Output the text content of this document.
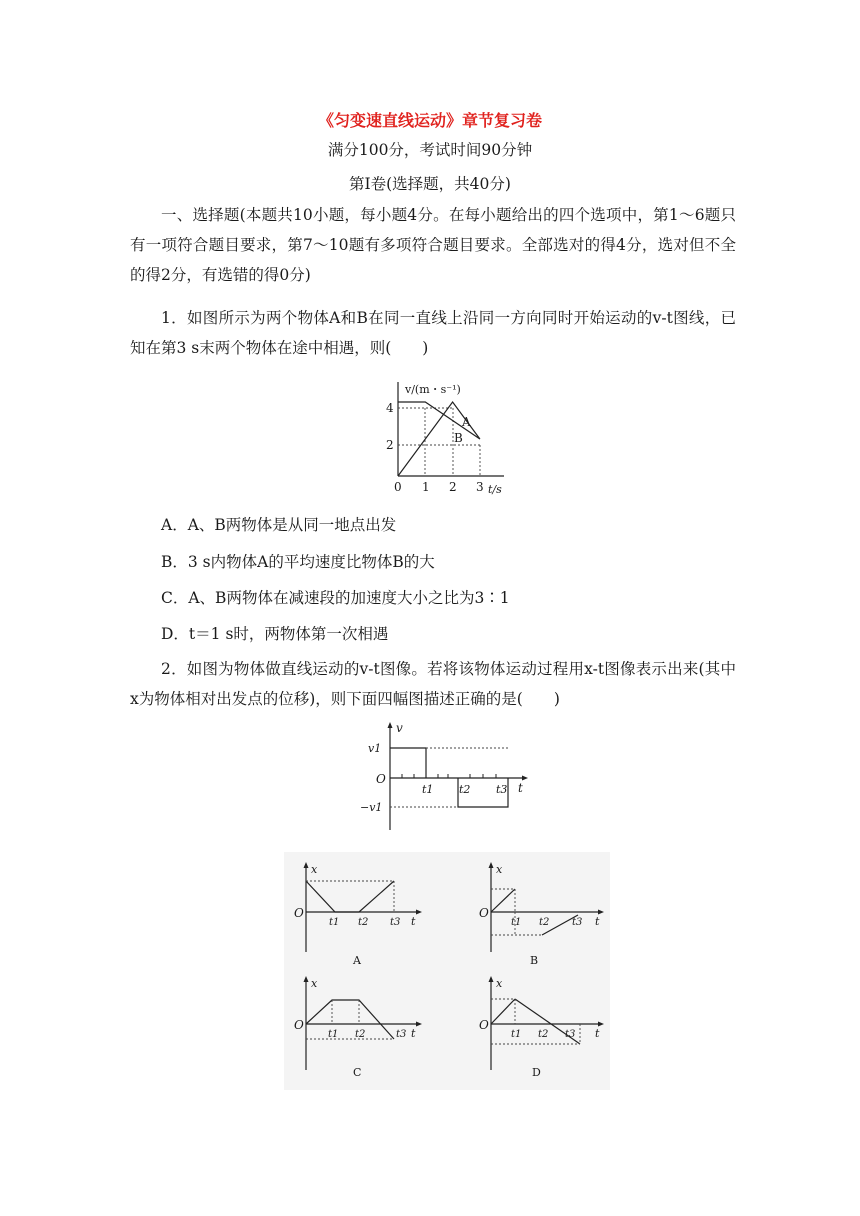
《匀变速直线运动》章节复习卷
满分100分，考试时间90分钟
第Ⅰ卷(选择题，共40分)
一、选择题(本题共10小题，每小题4分。在每小题给出的四个选项中，第1～6题只有一项符合题目要求，第7～10题有多项符合题目要求。全部选对的得4分，选对但不全的得2分，有选错的得0分)
1．如图所示为两个物体A和B在同一直线上沿同一方向同时开始运动的v-t图线，已知在第3 s末两个物体在途中相遇，则(　　)
v/(m・s⁻¹)
4
2
0 1 2 3 t/s
A
B
A．A、B两物体是从同一地点出发
B．3 s内物体A的平均速度比物体B的大
C．A、B两物体在减速段的加速度大小之比为3∶1
D．t＝1 s时，两物体第一次相遇
2．如图为物体做直线运动的v-t图像。若将该物体运动过程用x-t图像表示出来(其中x为物体相对出发点的位移)，则下面四幅图描述正确的是(　　)
v1
−v1
O
v
t
t1 t2 t3
x
O
t
t1 t2 t3
A
x
O
t
t1 t2 t3
B
x
O
t
t1 t2	t3
C
x
O
t
t1 t2 t3
D
